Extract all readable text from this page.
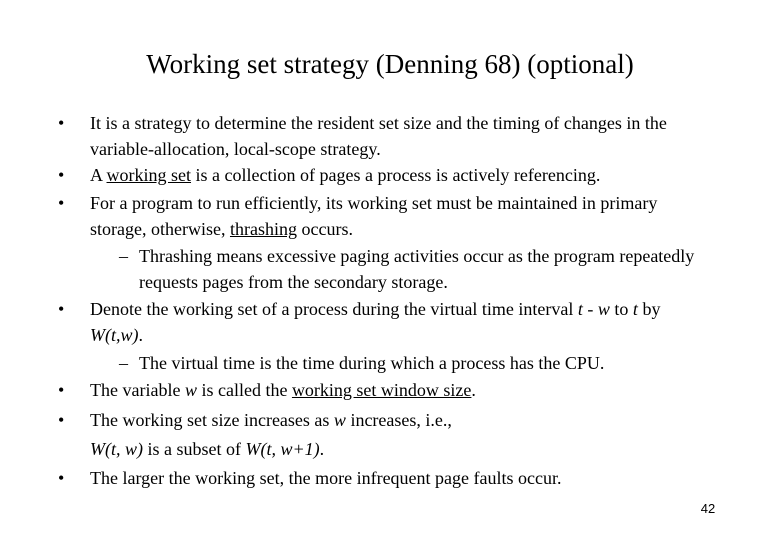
Working set strategy (Denning 68) (optional)
• It is a strategy to determine the resident set size and the timing of changes in the
variable-allocation, local-scope strategy.
• A working set is a collection of pages a process is actively referencing.
• For a program to run efficiently, its working set must be maintained in primary
storage, otherwise, thrashing occurs.
– Thrashing means excessive paging activities occur as the program repeatedly
requests pages from the secondary storage.
• Denote the working set of a process during the virtual time interval t - w to t by
W(t,w).
– The virtual time is the time during which a process has the CPU.
• The variable w is called the working set window size.
• The working set size increases as w increases, i.e.,
W(t, w) is a subset of W(t, w+1).
• The larger the working set, the more infrequent page faults occur.
42
